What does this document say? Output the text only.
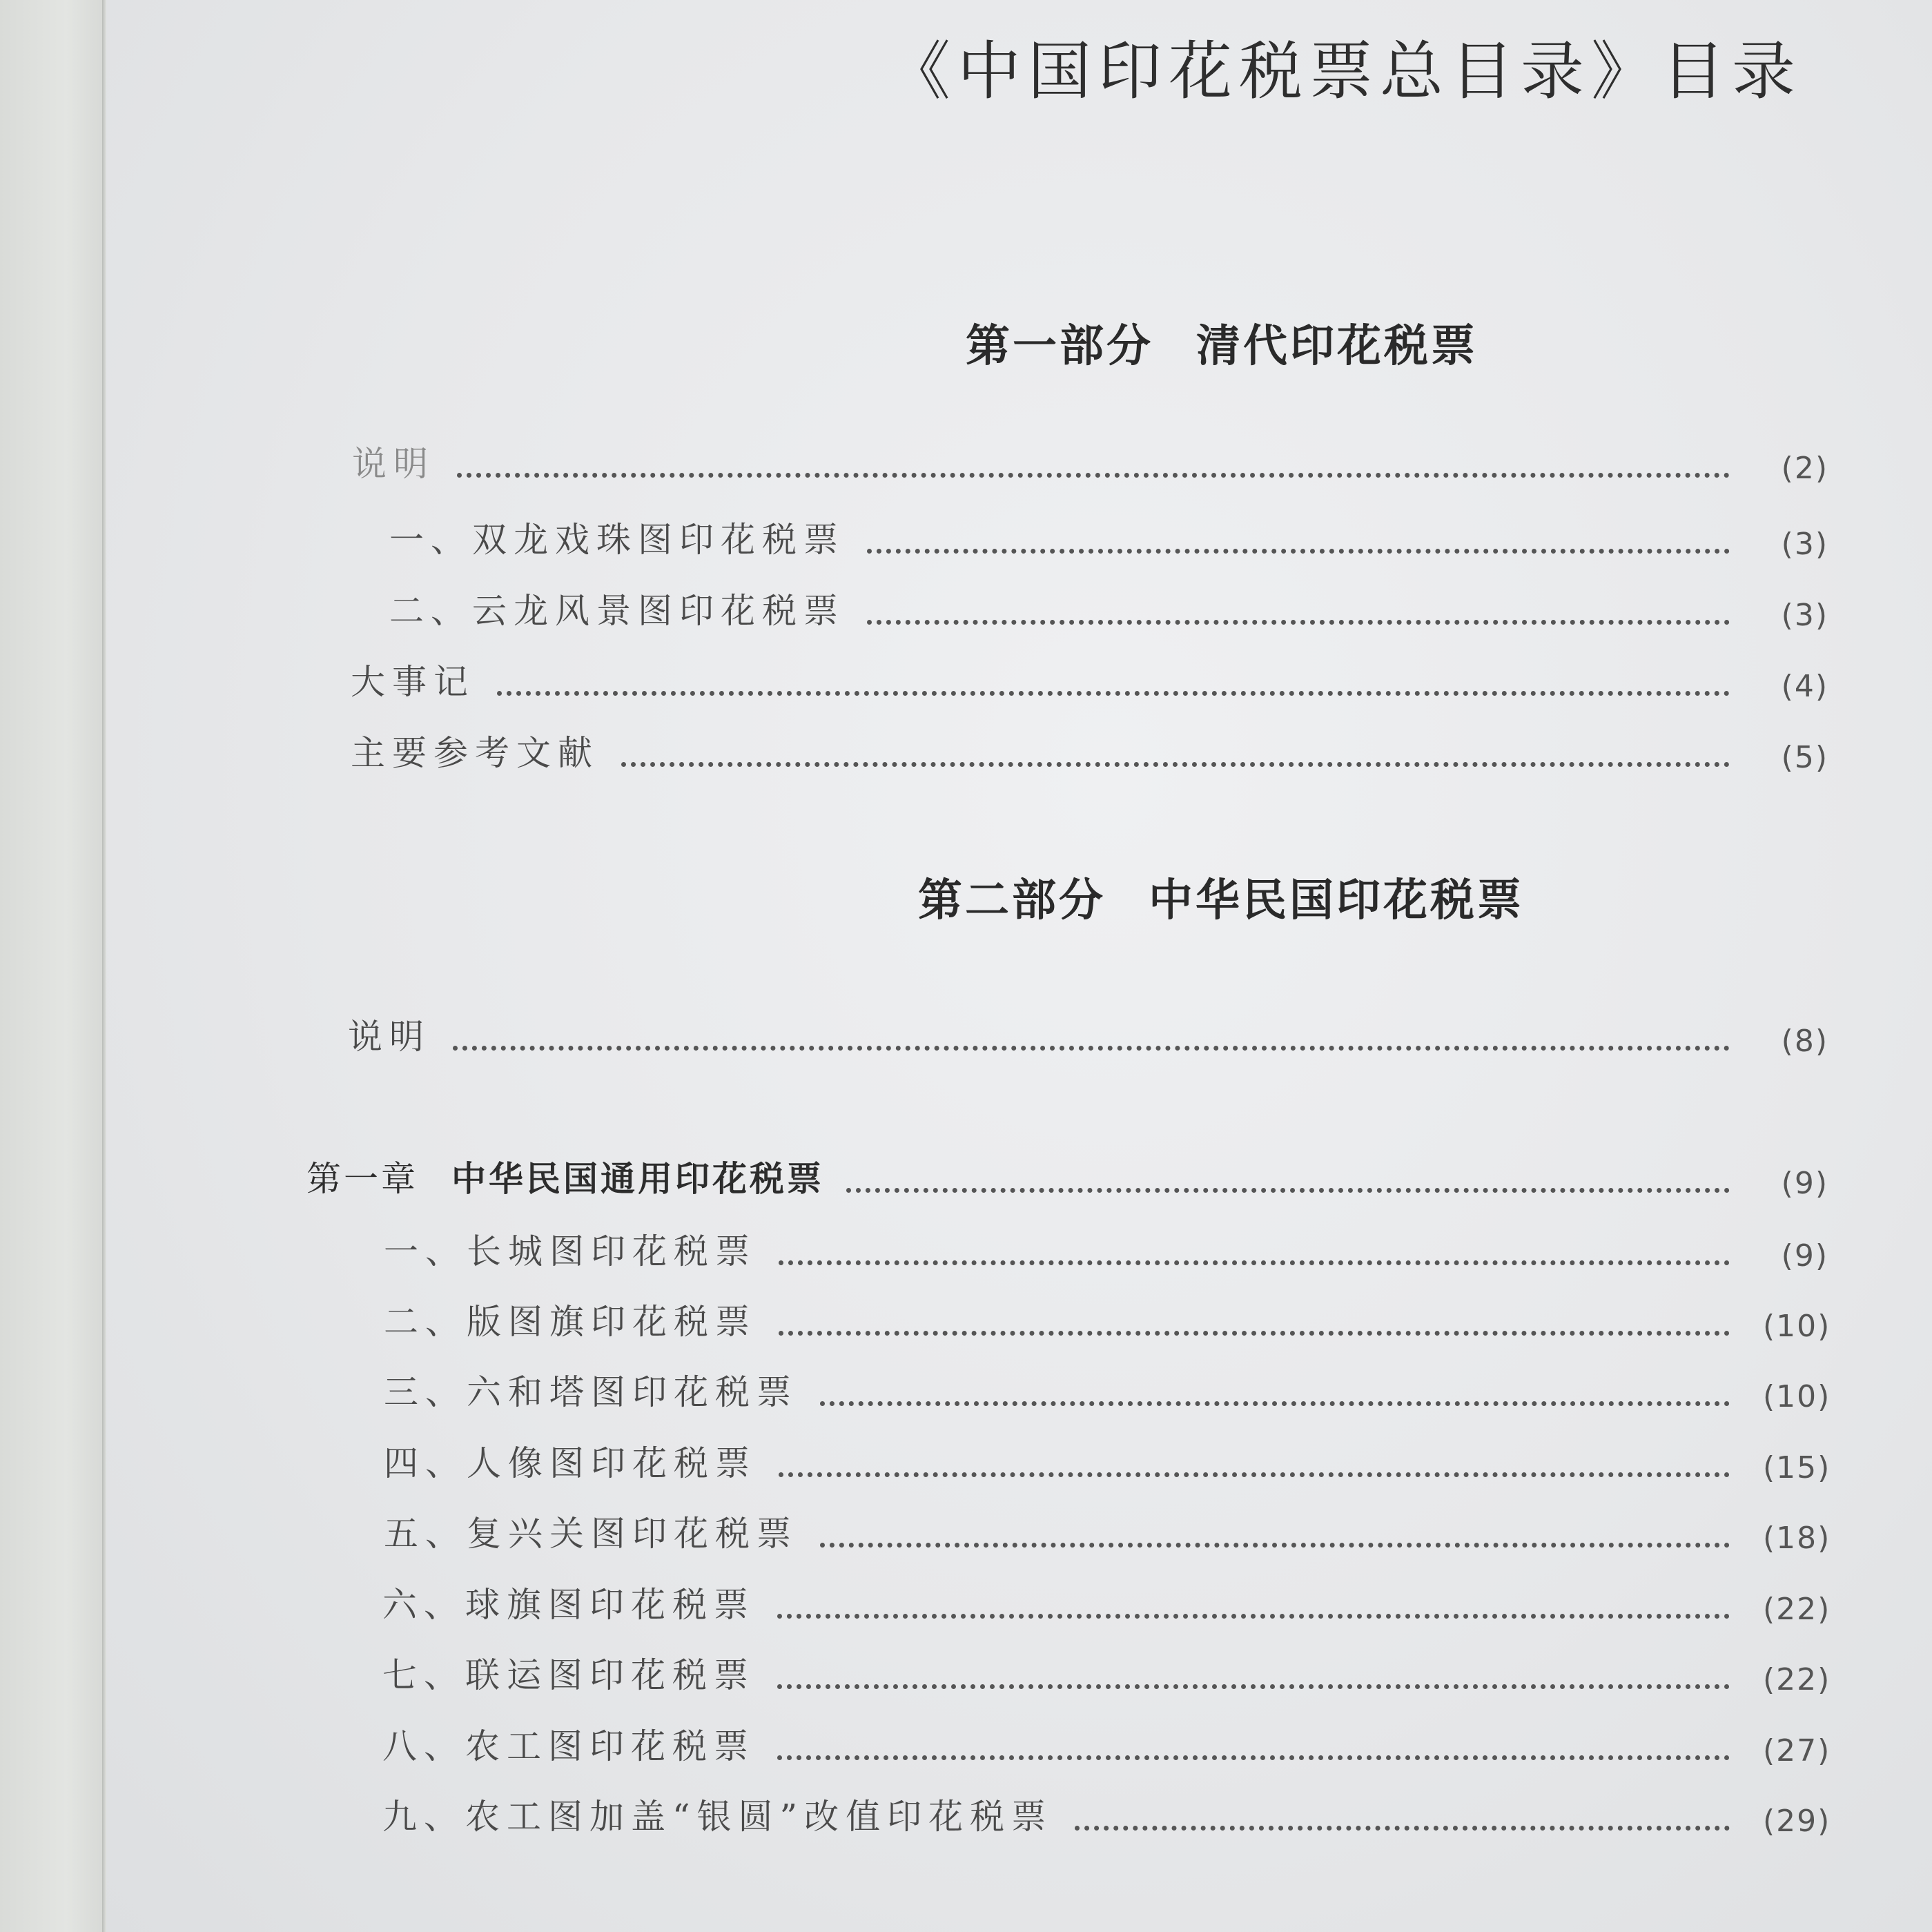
《中国印花税票总目录》目录
第一部分 清代印花税票
说明	(2)
一、双龙戏珠图印花税票	(3)
二、云龙风景图印花税票	(3)
大事记	(4)
主要参考文献	(5)
第二部分 中华民国印花税票
说明	(8)
第一章 中华民国通用印花税票	(9)
一、长城图印花税票	(9)
二、版图旗印花税票	(10)
三、六和塔图印花税票	(10)
四、人像图印花税票	(15)
五、复兴关图印花税票	(18)
六、球旗图印花税票	(22)
七、联运图印花税票	(22)
八、农工图印花税票	(27)
九、农工图加盖“银圆”改值印花税票	(29)
